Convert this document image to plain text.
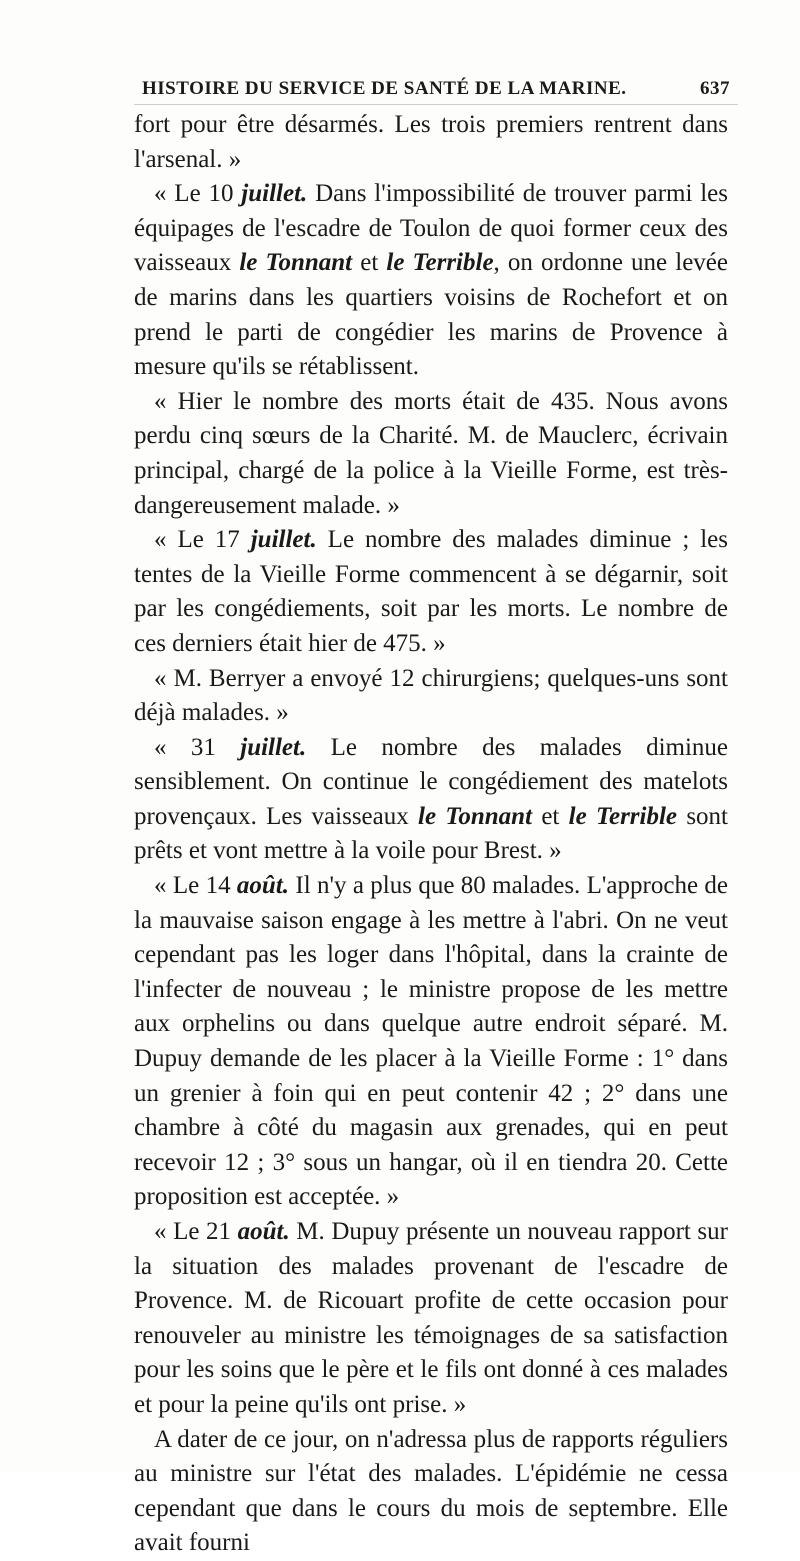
HISTOIRE DU SERVICE DE SANTÉ DE LA MARINE.	637

fort pour être désarmés. Les trois premiers rentrent dans l'arsenal. »

« Le 10 juillet. Dans l'impossibilité de trouver parmi les équipages de l'escadre de Toulon de quoi former ceux des vaisseaux le Tonnant et le Terrible, on ordonne une levée de marins dans les quartiers voisins de Rochefort et on prend le parti de congédier les marins de Provence à mesure qu'ils se rétablissent.

« Hier le nombre des morts était de 435. Nous avons perdu cinq sœurs de la Charité. M. de Mauclerc, écrivain principal, chargé de la police à la Vieille Forme, est très-dangereusement malade. »

« Le 17 juillet. Le nombre des malades diminue ; les tentes de la Vieille Forme commencent à se dégarnir, soit par les congédiements, soit par les morts. Le nombre de ces derniers était hier de 475. »

« M. Berryer a envoyé 12 chirurgiens; quelques-uns sont déjà malades. »

« 31 juillet. Le nombre des malades diminue sensiblement. On continue le congédiement des matelots provençaux. Les vaisseaux le Tonnant et le Terrible sont prêts et vont mettre à la voile pour Brest. »

« Le 14 août. Il n'y a plus que 80 malades. L'approche de la mauvaise saison engage à les mettre à l'abri. On ne veut cependant pas les loger dans l'hôpital, dans la crainte de l'infecter de nouveau ; le ministre propose de les mettre aux orphelins ou dans quelque autre endroit séparé. M. Dupuy demande de les placer à la Vieille Forme : 1° dans un grenier à foin qui en peut contenir 42 ; 2° dans une chambre à côté du magasin aux grenades, qui en peut recevoir 12 ; 3° sous un hangar, où il en tiendra 20. Cette proposition est acceptée. »

« Le 21 août. M. Dupuy présente un nouveau rapport sur la situation des malades provenant de l'escadre de Provence. M. de Ricouart profite de cette occasion pour renouveler au ministre les témoignages de sa satisfaction pour les soins que le père et le fils ont donné à ces malades et pour la peine qu'ils ont prise. »

A dater de ce jour, on n'adressa plus de rapports réguliers au ministre sur l'état des malades. L'épidémie ne cessa cependant que dans le cours du mois de septembre. Elle avait fourni
